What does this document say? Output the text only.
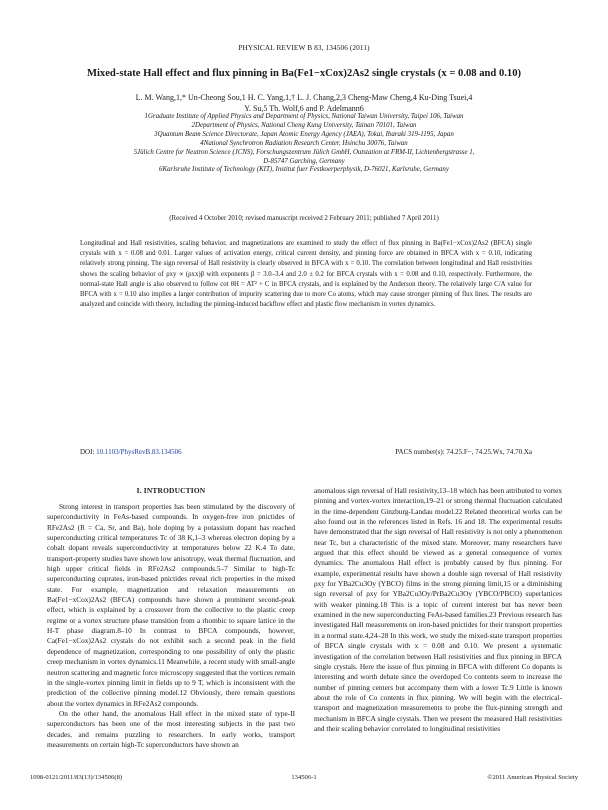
PHYSICAL REVIEW B 83, 134506 (2011)
Mixed-state Hall effect and flux pinning in Ba(Fe1−xCox)2As2 single crystals (x = 0.08 and 0.10)
L. M. Wang,1,* Un-Cheong Sou,1 H. C. Yang,1,† L. J. Chang,2,3 Cheng-Maw Cheng,4 Ku-Ding Tsuei,4
Y. Su,5 Th. Wolf,6 and P. Adelmann6
1Graduate Institute of Applied Physics and Department of Physics, National Taiwan University, Taipei 106, Taiwan
2Department of Physics, National Cheng Kung University, Tainan 70101, Taiwan
3Quantum Beam Science Directorate, Japan Atomic Energy Agency (JAEA), Tokai, Ibaraki 319-1195, Japan
4National Synchrotron Radiation Research Center, Hsinchu 30076, Taiwan
5Jülich Centre for Neutron Science (JCNS), Forschungszentrum Jülich GmbH, Outstation at FRM-II, Lichtenbergstrasse 1,
D-85747 Garching, Germany
6Karlsruhe Institute of Technology (KIT), Institut fuer Festkoerperphysik, D-76021, Karlsruhe, Germany
(Received 4 October 2010; revised manuscript received 2 February 2011; published 7 April 2011)
Longitudinal and Hall resistivities, scaling behavior, and magnetizations are examined to study the effect of flux pinning in Ba(Fe1−xCox)2As2 (BFCA) single crystals with x = 0.08 and 0.01. Larger values of activation energy, critical current density, and pinning force are obtained in BFCA with x = 0.10, indicating relatively strong pinning. The sign reversal of Hall resistivity is clearly observed in BFCA with x = 0.10. The correlation between longitudinal and Hall resistivities shows the scaling behavior of ρxy ∝ (ρxx)β with exponents β = 3.0–3.4 and 2.0 ± 0.2 for BFCA crystals with x = 0.08 and 0.10, respectively. Furthermore, the normal-state Hall angle is also observed to follow cot θH = AT² + C in BFCA crystals, and is explained by the Anderson theory. The relatively large C/A value for BFCA with x = 0.10 also implies a larger contribution of impurity scattering due to more Co atoms, which may cause stronger pinning of flux lines. The results are analyzed and coincide with theory, including the pinning-induced backflow effect and plastic flow mechanism in vortex dynamics.
DOI: 10.1103/PhysRevB.83.134506	PACS number(s): 74.25.F−, 74.25.Wx, 74.70.Xa
I. INTRODUCTION

Strong interest in transport properties has been stimulated by the discovery of superconductivity in FeAs-based compounds. In oxygen-free iron pnictides of RFe2As2 (R = Ca, Sr, and Ba), hole doping by a potassium dopant has reached superconducting critical temperatures Tc of 38 K,1–3 whereas electron doping by a cobalt dopant reveals superconductivity at temperatures below 22 K.4 To date, transport-property studies have shown low anisotropy, weak thermal fluctuation, and high upper critical fields in RFe2As2 compounds.5–7 Similar to high-Tc superconducting cuprates, iron-based pnictides reveal rich properties in the mixed state. For example, magnetization and relaxation measurements on Ba(Fe1−xCox)2As2 (BFCA) compounds have shown a prominent second-peak effect, which is explained by a crossover from the collective to the plastic creep regime or a vortex structure phase transition from a rhombic to square lattice in the H-T phase diagram.8–10 In contrast to BFCA compounds, however, Ca(Fe1−xCox)2As2 crystals do not exhibit such a second peak in the field dependence of magnetization, corresponding to one possibility of only the plastic creep mechanism in vortex dynamics.11 Meanwhile, a recent study with small-angle neutron scattering and magnetic force microscopy suggested that the vortices remain in the single-vortex pinning limit in fields up to 9 T, which is inconsistent with the prediction of the collective pinning model.12 Obviously, there remain questions about the vortex dynamics in RFe2As2 compounds.

On the other hand, the anomalous Hall effect in the mixed state of type-II superconductors has been one of the most interesting subjects in the past two decades, and remains puzzling to researchers. In early works, transport measurements on certain high-Tc superconductors have shown an

anomalous sign reversal of Hall resistivity,13–18 which has been attributed to vortex pinning and vortex-vortex interaction,19–21 or strong thermal fluctuation calculated in the time-dependent Ginzburg-Landau model.22 Related theoretical works can be also found out in the references listed in Refs. 16 and 18. The experimental results have demonstrated that the sign reversal of Hall resistivity is not only a phenomenon near Tc, but a characteristic of the mixed state. Moreover, many researchers have argued that this effect should be viewed as a general consequence of vortex dynamics. The anomalous Hall effect is probably caused by flux pinning. For example, experimental results have shown a double sign reversal of Hall resistivity ρxy for YBa2Cu3Oy (YBCO) films in the strong pinning limit,15 or a diminishing sign reversal of ρxy for YBa2Cu3Oy/PrBa2Cu3Oy (YBCO/PBCO) superlattices with weaker pinning.18 This is a topic of current interest but has never been examined in the new superconducting FeAs-based families.23 Previous research has investigated Hall measurements on iron-based pnictides for their transport properties in a normal state.4,24–28 In this work, we study the mixed-state transport properties of BFCA single crystals with x = 0.08 and 0.10. We present a systematic investigation of the correlation between Hall resistivities and flux pinning in BFCA single crystals. Here the issue of flux pinning in BFCA with different Co dopants is interesting and worth debate since the overdoped Co contents seem to increase the number of pinning centers but accompany them with a lower Tc.9 Little is known about the role of Co contents in flux pinning. We will begin with the electrical-transport and magnetization measurements to probe the flux-pinning strength and mechanism in BFCA single crystals. Then we present the measured Hall resistivities and their scaling behavior correlated to longitudinal resistivities

1098-0121/2011/83(13)/134506(8)	134506-1	©2011 American Physical Society
